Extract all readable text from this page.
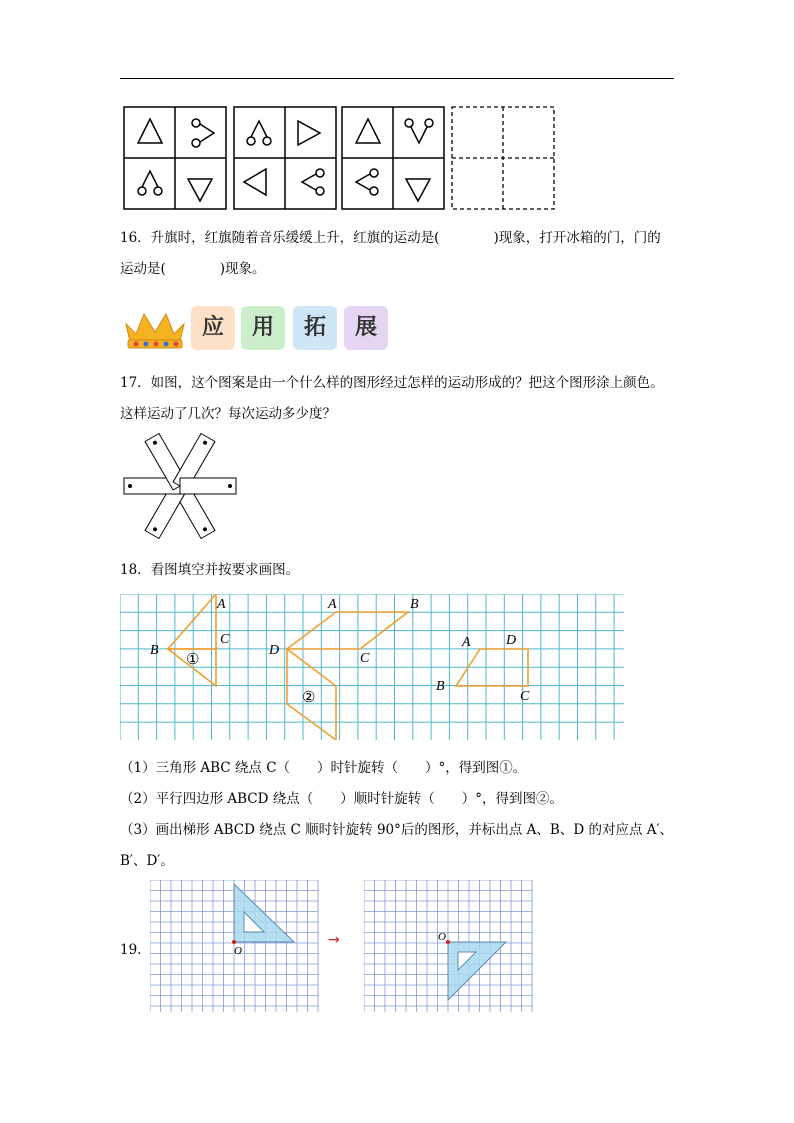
16．升旗时，红旗随着音乐缓缓上升，红旗的运动是(　　　　)现象，打开冰箱的门，门的
运动是(　　　　)现象。
应	用	拓	展
17．如图，这个图案是由一个什么样的图形经过怎样的运动形成的？把这个图形涂上颜色。
这样运动了几次？每次运动多少度？
18．看图填空并按要求画图。
A
B
C
①
A	B
C
D
②
A
B
C
D
（1）三角形 ABC 绕点 C（　　）时针旋转（　　）°，得到图①。
（2）平行四边形 ABCD 绕点（　　）顺时针旋转（　　）°，得到图②。
（3）画出梯形 ABCD 绕点 C 顺时针旋转 90°后的图形，并标出点 A、B、D 的对应点 A′、
B′、D′。
19.	O
→	O
